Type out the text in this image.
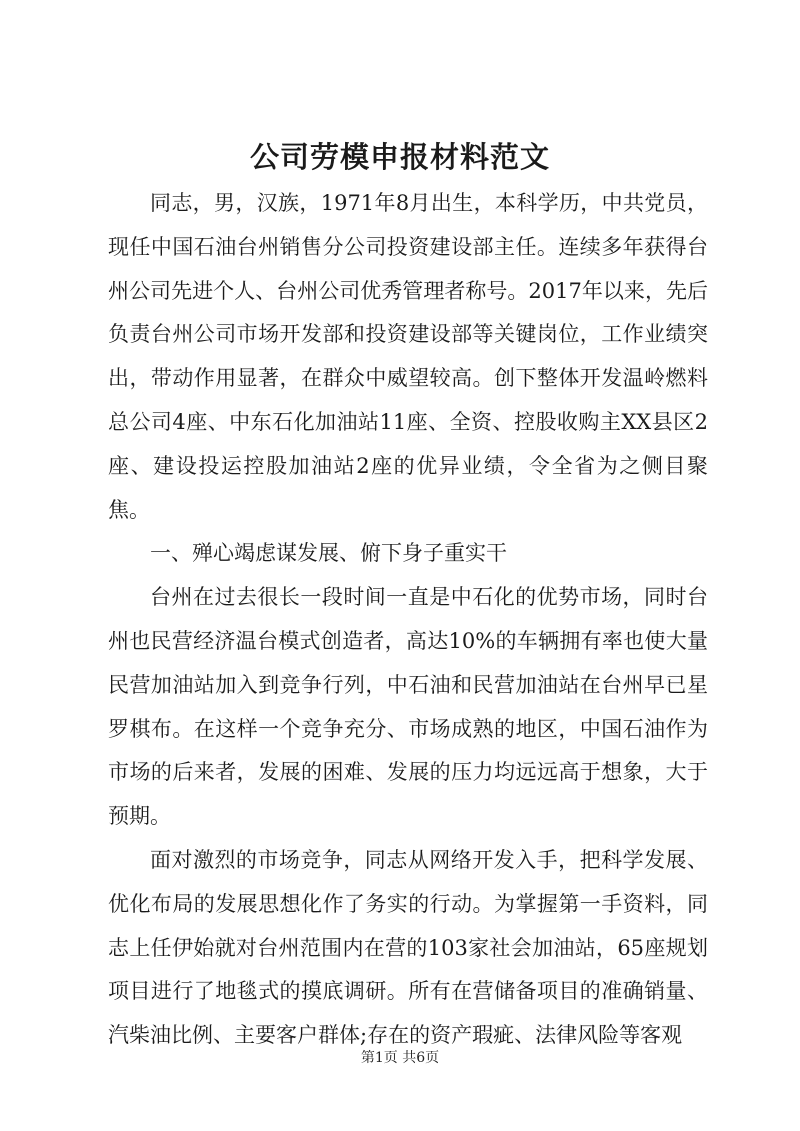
公司劳模申报材料范文

同志，男，汉族，1971年8月出生，本科学历，中共党员，现任中国石油台州销售分公司投资建设部主任。连续多年获得台州公司先进个人、台州公司优秀管理者称号。2017年以来，先后负责台州公司市场开发部和投资建设部等关键岗位，工作业绩突出，带动作用显著，在群众中威望较高。创下整体开发温岭燃料总公司4座、中东石化加油站11座、全资、控股收购主XX县区2座、建设投运控股加油站2座的优异业绩，令全省为之侧目聚焦。

一、殚心竭虑谋发展、俯下身子重实干

台州在过去很长一段时间一直是中石化的优势市场，同时台州也民营经济温台模式创造者，高达10%的车辆拥有率也使大量民营加油站加入到竞争行列，中石油和民营加油站在台州早已星罗棋布。在这样一个竞争充分、市场成熟的地区，中国石油作为市场的后来者，发展的困难、发展的压力均远远高于想象，大于预期。

面对激烈的市场竞争，同志从网络开发入手，把科学发展、优化布局的发展思想化作了务实的行动。为掌握第一手资料，同志上任伊始就对台州范围内在营的103家社会加油站，65座规划项目进行了地毯式的摸底调研。所有在营储备项目的准确销量、汽柴油比例、主要客户群体;存在的资产瑕疵、法律风险等客观

第1页 共6页
